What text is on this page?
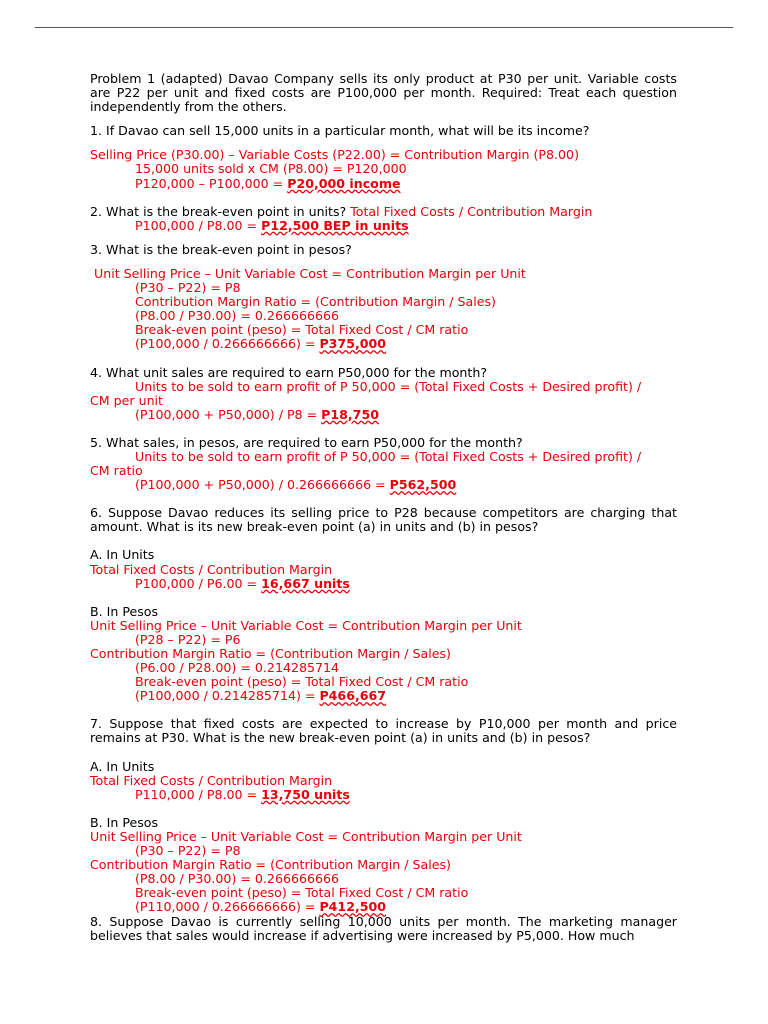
Problem 1 (adapted) Davao Company sells its only product at P30 per unit. Variable costs are P22 per unit and fixed costs are P100,000 per month. Required: Treat each question independently from the others.

1. If Davao can sell 15,000 units in a particular month, what will be its income?

Selling Price (P30.00) – Variable Costs (P22.00) = Contribution Margin (P8.00)

15,000 units sold x CM (P8.00) = P120,000

P120,000 – P100,000 = P20,000 income

2. What is the break-even point in units? Total Fixed Costs / Contribution Margin

P100,000 / P8.00 = P12,500 BEP in units

3. What is the break-even point in pesos?

Unit Selling Price – Unit Variable Cost = Contribution Margin per Unit

(P30 – P22) = P8

Contribution Margin Ratio = (Contribution Margin / Sales)

(P8.00 / P30.00) = 0.266666666

Break-even point (peso) = Total Fixed Cost / CM ratio

(P100,000 / 0.266666666) = P375,000

4. What unit sales are required to earn P50,000 for the month?

Units to be sold to earn profit of P 50,000 = (Total Fixed Costs + Desired profit) /

CM per unit

(P100,000 + P50,000) / P8 = P18,750

5. What sales, in pesos, are required to earn P50,000 for the month?

Units to be sold to earn profit of P 50,000 = (Total Fixed Costs + Desired profit) /

CM ratio

(P100,000 + P50,000) / 0.266666666 = P562,500

6. Suppose Davao reduces its selling price to P28 because competitors are charging that amount. What is its new break-even point (a) in units and (b) in pesos?

A. In Units

Total Fixed Costs / Contribution Margin

P100,000 / P6.00 = 16,667 units

B. In Pesos

Unit Selling Price – Unit Variable Cost = Contribution Margin per Unit

(P28 – P22) = P6

Contribution Margin Ratio = (Contribution Margin / Sales)

(P6.00 / P28.00) = 0.214285714

Break-even point (peso) = Total Fixed Cost / CM ratio

(P100,000 / 0.214285714) = P466,667

7. Suppose that fixed costs are expected to increase by P10,000 per month and price remains at P30. What is the new break-even point (a) in units and (b) in pesos?

A. In Units

Total Fixed Costs / Contribution Margin

P110,000 / P8.00 = 13,750 units

B. In Pesos

Unit Selling Price – Unit Variable Cost = Contribution Margin per Unit

(P30 – P22) = P8

Contribution Margin Ratio = (Contribution Margin / Sales)

(P8.00 / P30.00) = 0.266666666

Break-even point (peso) = Total Fixed Cost / CM ratio

(P110,000 / 0.266666666) = P412,500

8. Suppose Davao is currently selling 10,000 units per month. The marketing manager believes that sales would increase if advertising were increased by P5,000. How much
